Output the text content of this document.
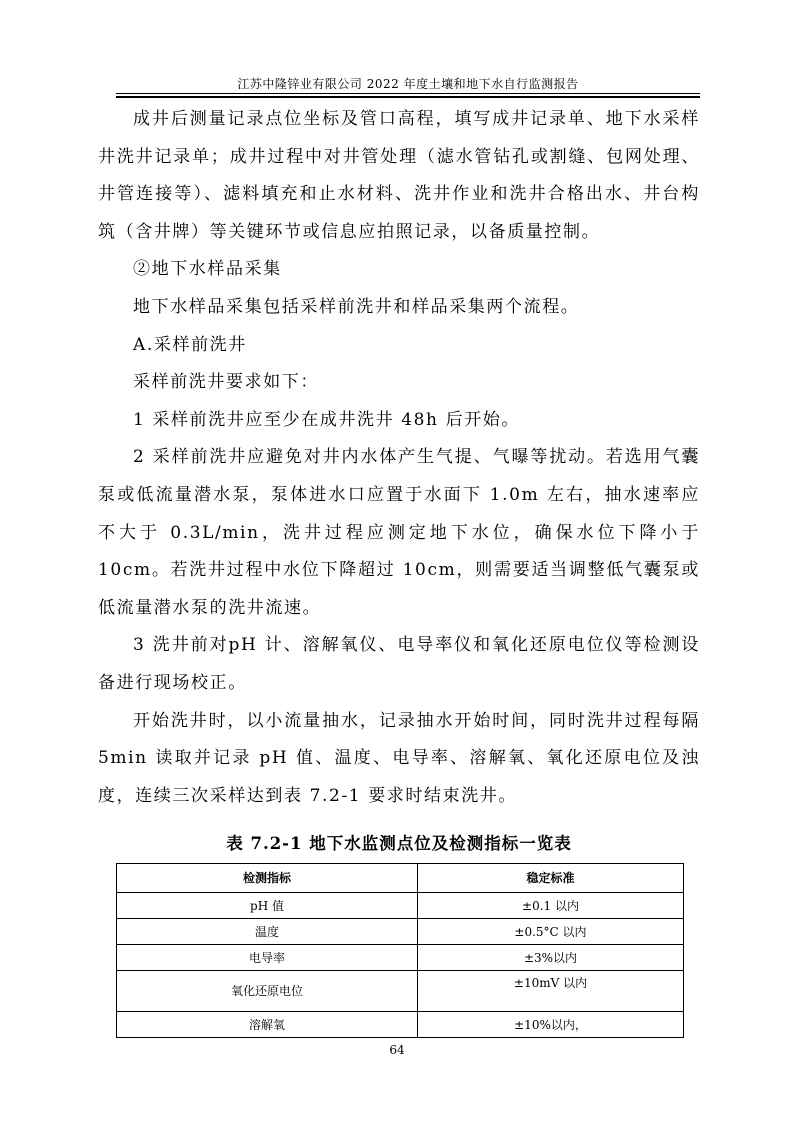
江苏中隆锌业有限公司 2022 年度土壤和地下水自行监测报告

成井后测量记录点位坐标及管口高程，填写成井记录单、地下水采样井洗井记录单；成井过程中对井管处理（滤水管钻孔或割缝、包网处理、井管连接等）、滤料填充和止水材料、洗井作业和洗井合格出水、井台构筑（含井牌）等关键环节或信息应拍照记录，以备质量控制。

②地下水样品采集

地下水样品采集包括采样前洗井和样品采集两个流程。

A.采样前洗井

采样前洗井要求如下：

1 采样前洗井应至少在成井洗井 48h 后开始。

2 采样前洗井应避免对井内水体产生气提、气曝等扰动。若选用气囊泵或低流量潜水泵，泵体进水口应置于水面下 1.0m 左右，抽水速率应不大于 0.3L/min，洗井过程应测定地下水位，确保水位下降小于 10cm。若洗井过程中水位下降超过 10cm，则需要适当调整低气囊泵或低流量潜水泵的洗井流速。

3 洗井前对pH 计、溶解氧仪、电导率仪和氧化还原电位仪等检测设备进行现场校正。

开始洗井时，以小流量抽水，记录抽水开始时间，同时洗井过程每隔5min 读取并记录 pH 值、温度、电导率、溶解氧、氧化还原电位及浊度，连续三次采样达到表 7.2-1 要求时结束洗井。

表 7.2-1 地下水监测点位及检测指标一览表
检测指标	稳定标准
pH 值	±0.1 以内
温度	±0.5°C 以内
电导率	±3%以内
氧化还原电位	±10mV 以内
溶解氧	±10%以内，
64
